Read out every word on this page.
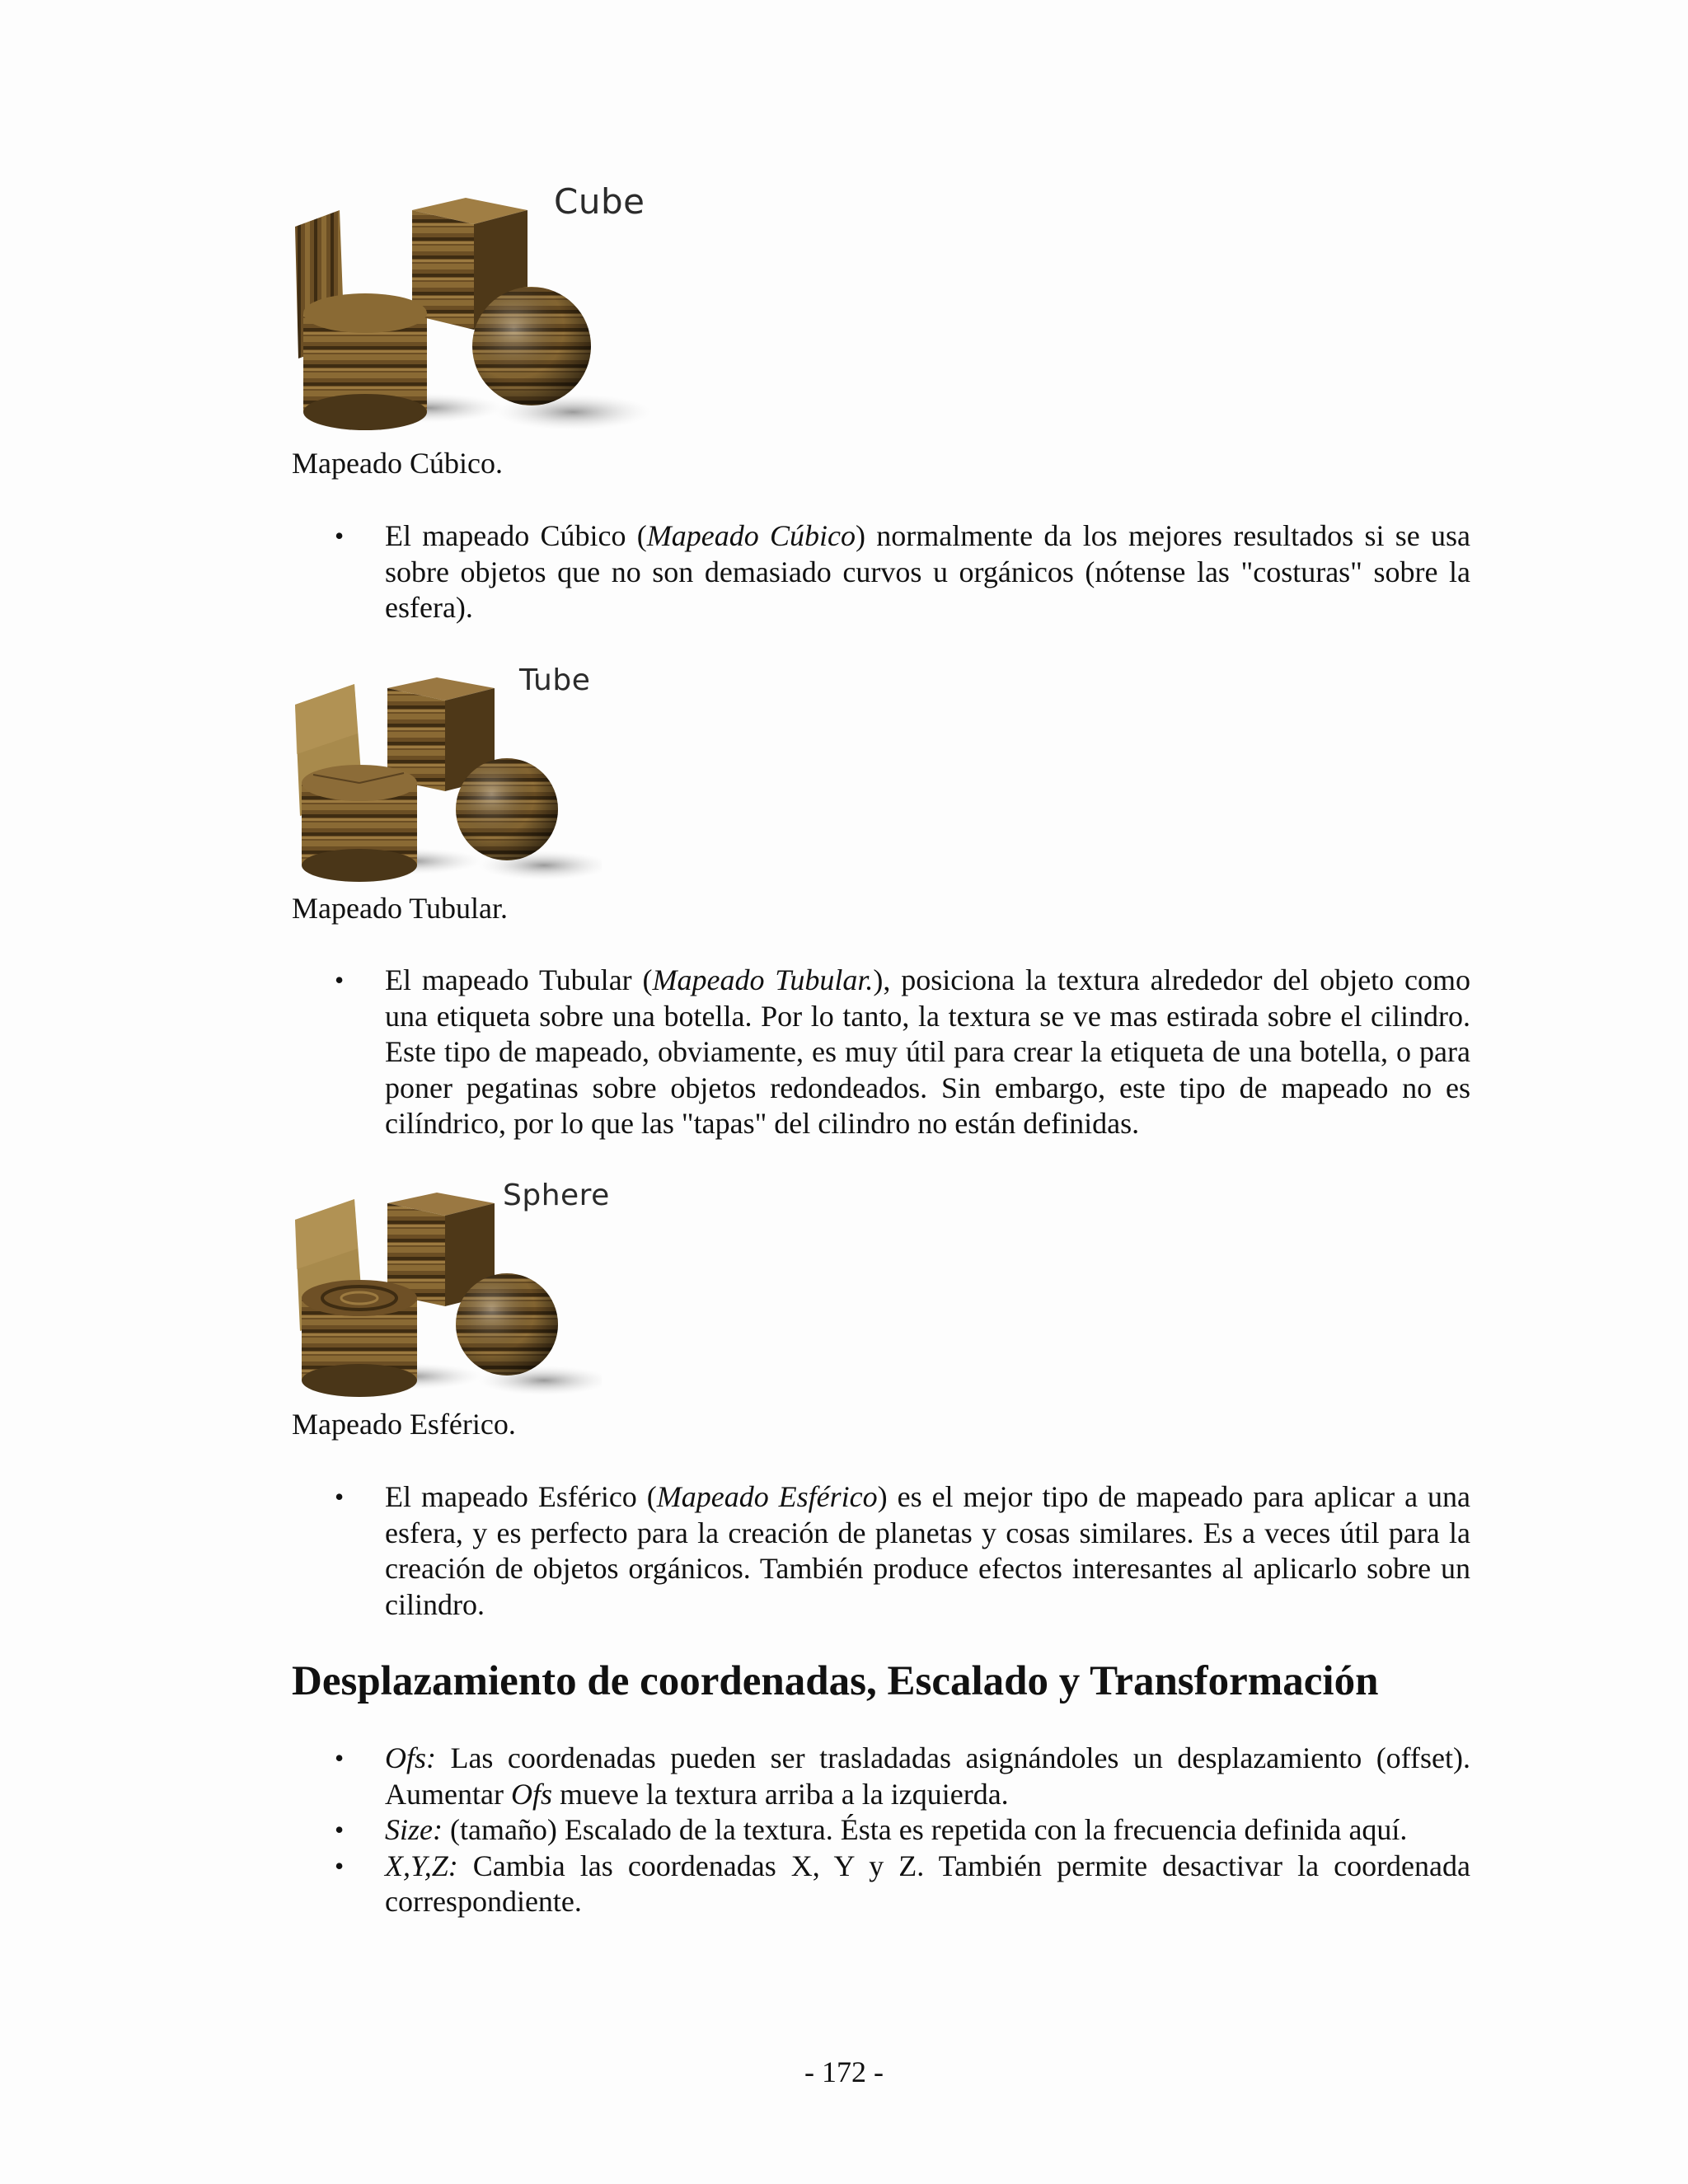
Cube
Mapeado Cúbico.
• El mapeado Cúbico (Mapeado Cúbico) normalmente da los mejores resultados si se usa sobre objetos que no son demasiado curvos u orgánicos (nótense las "costuras" sobre la esfera).
Tube
Mapeado Tubular.
• El mapeado Tubular (Mapeado Tubular.), posiciona la textura alrededor del objeto como una etiqueta sobre una botella. Por lo tanto, la textura se ve mas estirada sobre el cilindro. Este tipo de mapeado, obviamente, es muy útil para crear la etiqueta de una botella, o para poner pegatinas sobre objetos redondeados. Sin embargo, este tipo de mapeado no es cilíndrico, por lo que las "tapas" del cilindro no están definidas.
Sphere
Mapeado Esférico.
• El mapeado Esférico (Mapeado Esférico) es el mejor tipo de mapeado para aplicar a una esfera, y es perfecto para la creación de planetas y cosas similares. Es a veces útil para la creación de objetos orgánicos. También produce efectos interesantes al aplicarlo sobre un cilindro.
Desplazamiento de coordenadas, Escalado y Transformación
• Ofs: Las coordenadas pueden ser trasladadas asignándoles un desplazamiento (offset). Aumentar Ofs mueve la textura arriba a la izquierda.
• Size: (tamaño) Escalado de la textura. Ésta es repetida con la frecuencia definida aquí.
• X,Y,Z: Cambia las coordenadas X, Y y Z. También permite desactivar la coordenada correspondiente.
- 172 -
